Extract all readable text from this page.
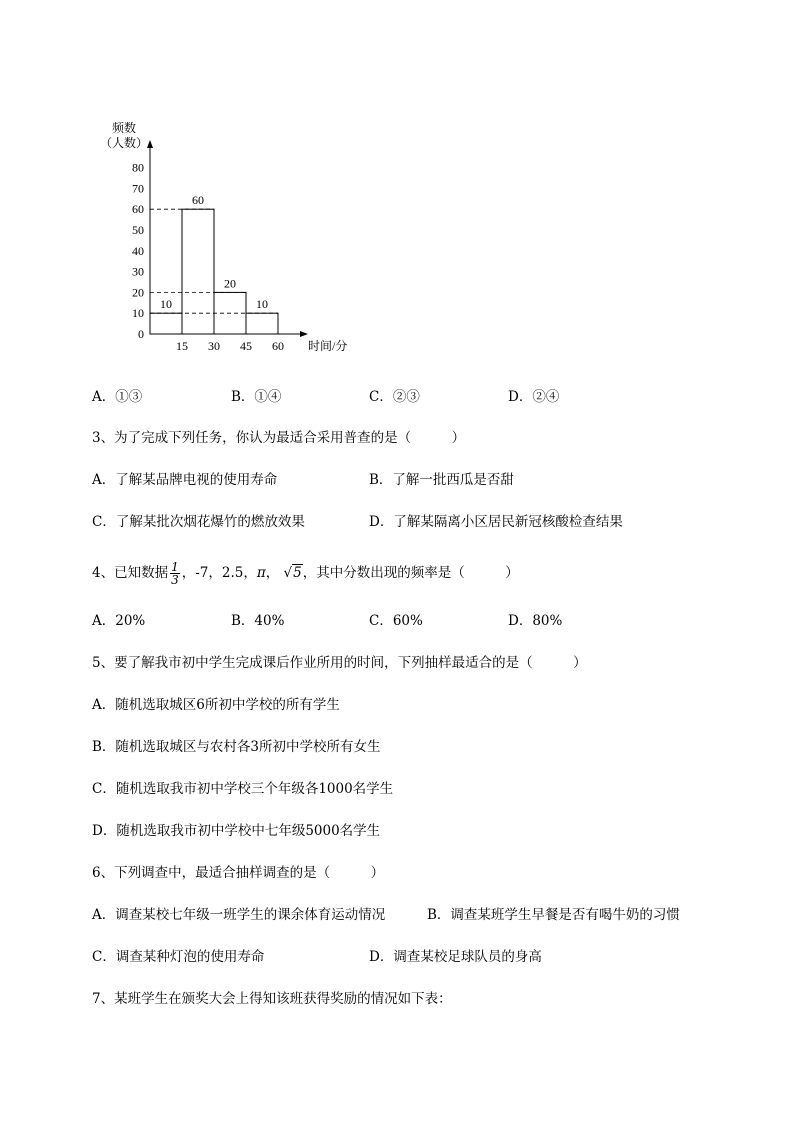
频数
（人数）
80
70
60
50
40
30
20
10
0
15 30 45 60
10
60
20
10
时间/分
A．①③	B．①④	C．②③	D．②④
3、为了完成下列任务，你认为最适合采用普查的是（　　　）
A．了解某品牌电视的使用寿命	B．了解一批西瓜是否甜
C．了解某批次烟花爆竹的燃放效果	D．了解某隔离小区居民新冠核酸检查结果
4、已知数据 $\frac{1}{3}$ ，-7，2.5，π， √5，其中分数出现的频率是（　　　）
A．20%	B．40%	C．60%	D．80%
5、要了解我市初中学生完成课后作业所用的时间，下列抽样最适合的是（　　　）
A．随机选取城区6所初中学校的所有学生
B．随机选取城区与农村各3所初中学校所有女生
C．随机选取我市初中学校三个年级各1000名学生
D．随机选取我市初中学校中七年级5000名学生
6、下列调查中，最适合抽样调查的是（　　　）
A．调查某校七年级一班学生的课余体育运动情况	B．调查某班学生早餐是否有喝牛奶的习惯
C．调查某种灯泡的使用寿命	D．调查某校足球队员的身高
7、某班学生在颁奖大会上得知该班获得奖励的情况如下表：
